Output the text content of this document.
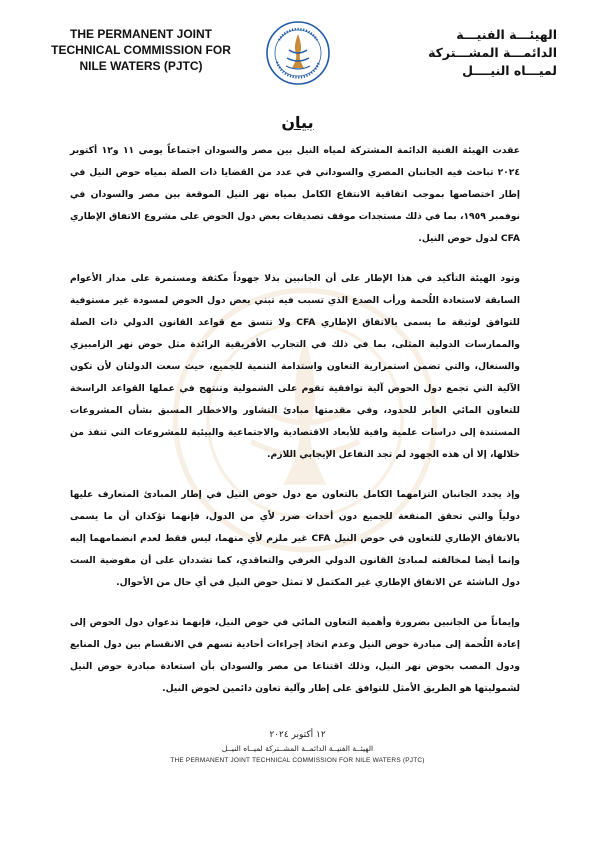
THE PERMANENT JOINT
TECHNICAL COMMISSION FOR
NILE WATERS (PJTC)
الهيئـــة الفنيـــة
الدائمـــة المشـــتركة
لميـــاه النيــــل
بيان

عقدت الهيئة الفنية الدائمة المشتركة لمياه النيل بين مصر والسودان اجتماعاً يومي ١١ و١٢ أكتوبر ٢٠٢٤ تباحث فيه الجانبان المصري والسوداني في عدد من القضايا ذات الصلة بمياه حوض النيل في إطار اختصاصها بموجب اتفاقية الانتفاع الكامل بمياه نهر النيل الموقعة بين مصر والسودان في نوفمبر ١٩٥٩، بما في ذلك مستجدات موقف تصديقات بعض دول الحوض على مشروع الاتفاق الإطاري CFA لدول حوض النيل.

وتود الهيئة التأكيد في هذا الإطار على أن الجانبين بذلا جهوداً مكثفة ومستمرة على مدار الأعوام السابقة لاستعادة اللُحمة ورأب الصدع الذي تسبب فيه تبني بعض دول الحوض لمسودة غير مستوفية للتوافق لوثيقة ما يسمى بالاتفاق الإطاري CFA ولا تتسق مع قواعد القانون الدولي ذات الصلة والممارسات الدولية المثلى، بما في ذلك في التجارب الأفريقية الرائدة مثل حوض نهر الزامبيزي والسنغال، والتي تضمن استمرارية التعاون واستدامة التنمية للجميع، حيث سعت الدولتان لأن تكون الآلية التي تجمع دول الحوض آلية توافقية تقوم على الشمولية وتنتهج في عملها القواعد الراسخة للتعاون المائي العابر للحدود، وفي مقدمتها مبادئ التشاور والاخطار المسبق بشأن المشروعات المستندة إلى دراسات علمية وافية للأبعاد الاقتصادية والاجتماعية والبيئية للمشروعات التي تنفذ من خلالها، إلا أن هذه الجهود لم تجد التفاعل الإيجابي اللازم.

وإذ يجدد الجانبان التزامهما الكامل بالتعاون مع دول حوض النيل في إطار المبادئ المتعارف عليها دولياً والتي تحقق المنفعة للجميع دون أحداث ضرر لأي من الدول، فإنهما تؤكدان أن ما يسمى بالاتفاق الإطاري للتعاون في حوض النيل CFA غير ملزم لأي منهما، ليس فقط لعدم انضمامهما إليه وإنما أيضا لمخالفته لمبادئ القانون الدولي العرفي والتعاقدي، كما تشددان على أن مفوضية الست دول الناشئة عن الاتفاق الإطاري غير المكتمل لا تمثل حوض النيل في أي حال من الأحوال.

وإيماناً من الجانبين بضرورة وأهمية التعاون المائي في حوض النيل، فإنهما تدعوان دول الحوض إلى إعادة اللُحمة إلى مبادرة حوض النيل وعدم اتخاذ إجراءات أحادية تسهم في الانقسام بين دول المنابع ودول المصب بحوض نهر النيل، وذلك اقتناعا من مصر والسودان بأن استعادة مبادرة حوض النيل لشموليتها هو الطريق الأمثل للتوافق على إطار وآلية تعاون دائمين لحوض النيل.

١٢ أكتوبر ٢٠٢٤
الهيئــة الفنيــة الدائمــة المشــتركة لميــاه النيــل
THE PERMANENT JOINT TECHNICAL COMMISSION FOR NILE WATERS (PJTC)
